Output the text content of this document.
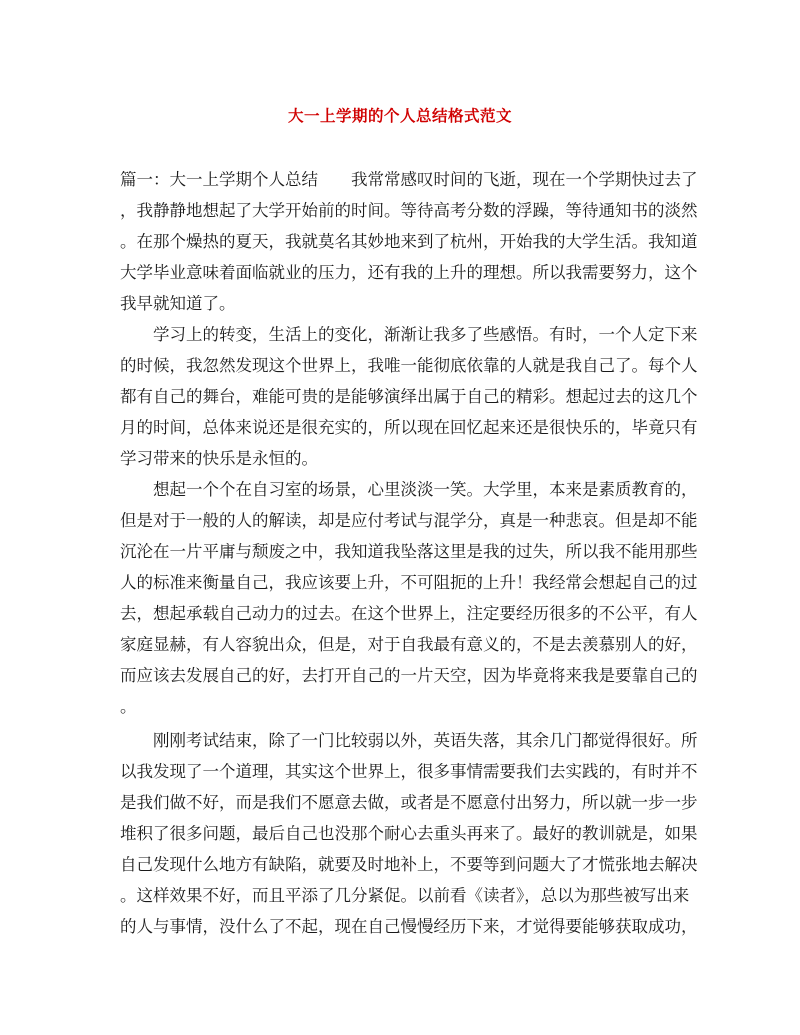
大一上学期的个人总结格式范文
篇一：大一上学期个人总结　　我常常感叹时间的飞逝，现在一个学期快过去了
，我静静地想起了大学开始前的时间。等待高考分数的浮躁，等待通知书的淡然
。在那个燥热的夏天，我就莫名其妙地来到了杭州，开始我的大学生活。我知道
大学毕业意味着面临就业的压力，还有我的上升的理想。所以我需要努力，这个
我早就知道了。
　　学习上的转变，生活上的变化，渐渐让我多了些感悟。有时，一个人定下来
的时候，我忽然发现这个世界上，我唯一能彻底依靠的人就是我自己了。每个人
都有自己的舞台，难能可贵的是能够演绎出属于自己的精彩。想起过去的这几个
月的时间，总体来说还是很充实的，所以现在回忆起来还是很快乐的，毕竟只有
学习带来的快乐是永恒的。
　　想起一个个在自习室的场景，心里淡淡一笑。大学里，本来是素质教育的，
但是对于一般的人的解读，却是应付考试与混学分，真是一种悲哀。但是却不能
沉沦在一片平庸与颓废之中，我知道我坠落这里是我的过失，所以我不能用那些
人的标准来衡量自己，我应该要上升，不可阻扼的上升！我经常会想起自己的过
去，想起承载自己动力的过去。在这个世界上，注定要经历很多的不公平，有人
家庭显赫，有人容貌出众，但是，对于自我最有意义的，不是去羡慕别人的好，
而应该去发展自己的好，去打开自己的一片天空，因为毕竟将来我是要靠自己的
。
　　刚刚考试结束，除了一门比较弱以外，英语失落，其余几门都觉得很好。所
以我发现了一个道理，其实这个世界上，很多事情需要我们去实践的，有时并不
是我们做不好，而是我们不愿意去做，或者是不愿意付出努力，所以就一步一步
堆积了很多问题，最后自己也没那个耐心去重头再来了。最好的教训就是，如果
自己发现什么地方有缺陷，就要及时地补上，不要等到问题大了才慌张地去解决
。这样效果不好，而且平添了几分紧促。以前看《读者》，总以为那些被写出来
的人与事情，没什么了不起，现在自己慢慢经历下来，才觉得要能够获取成功，
